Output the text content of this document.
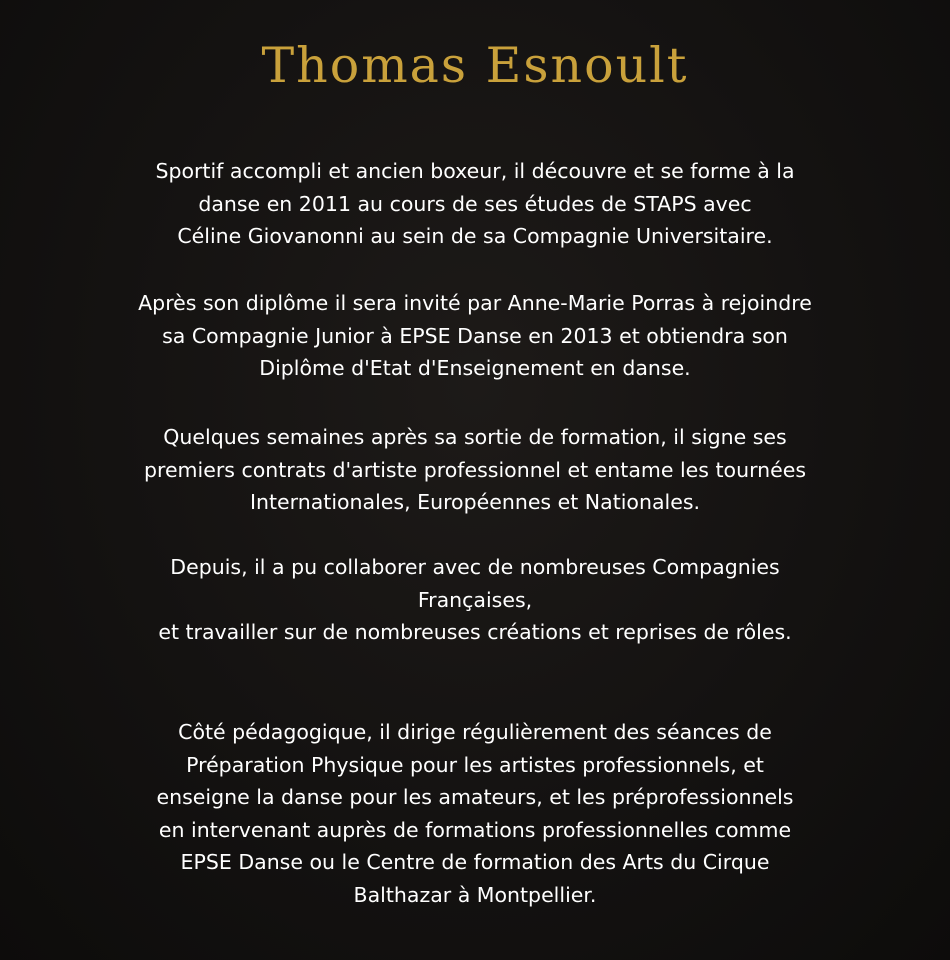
Thomas Esnoult

Sportif accompli et ancien boxeur, il découvre et se forme à la
danse en 2011 au cours de ses études de STAPS avec
Céline Giovanonni au sein de sa Compagnie Universitaire.

Après son diplôme il sera invité par Anne-Marie Porras à rejoindre
sa Compagnie Junior à EPSE Danse en 2013 et obtiendra son
Diplôme d'Etat d'Enseignement en danse.

Quelques semaines après sa sortie de formation, il signe ses
premiers contrats d'artiste professionnel et entame les tournées
Internationales, Européennes et Nationales.

Depuis, il a pu collaborer avec de nombreuses Compagnies
Françaises,
et travailler sur de nombreuses créations et reprises de rôles.

Côté pédagogique, il dirige régulièrement des séances de
Préparation Physique pour les artistes professionnels, et
enseigne la danse pour les amateurs, et les préprofessionnels
en intervenant auprès de formations professionnelles comme
EPSE Danse ou le Centre de formation des Arts du Cirque
Balthazar à Montpellier.
